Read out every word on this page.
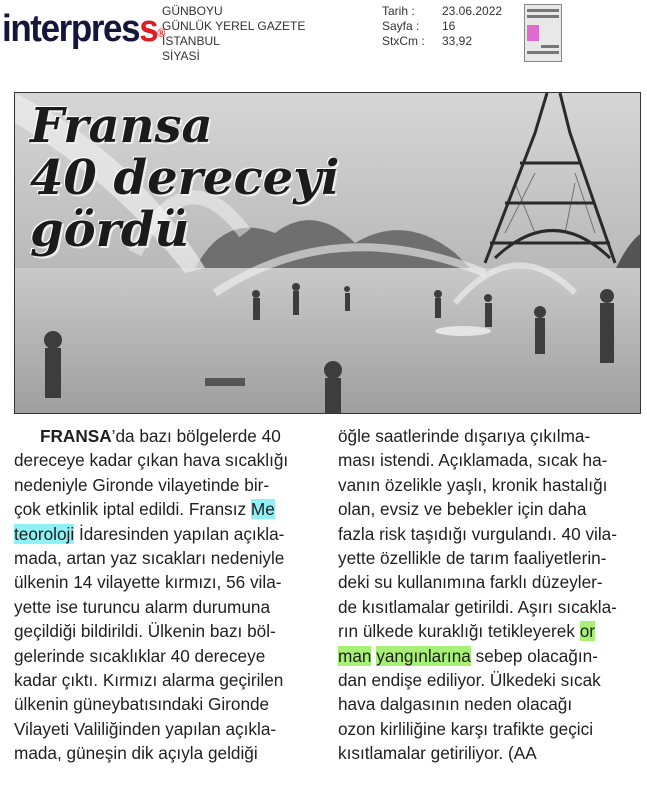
interpress®
GÜNBOYU
GÜNLÜK YEREL GAZETE
İSTANBUL
SİYASİ
Tarih :	23.06.2022
Sayfa :	16
StxCm :	33,92
Fransa
40 dereceyi
gördü
FRANSA’da bazı bölgelerde 40
dereceye kadar çıkan hava sıcaklığı
nedeniyle Gironde vilayetinde bir-
çok etkinlik iptal edildi. Fransız Me
teoroloji İdaresinden yapılan açıkla-
mada, artan yaz sıcakları nedeniyle
ülkenin 14 vilayette kırmızı, 56 vila-
yette ise turuncu alarm durumuna
geçildiği bildirildi. Ülkenin bazı böl-
gelerinde sıcaklıklar 40 dereceye
kadar çıktı. Kırmızı alarma geçirilen
ülkenin güneybatısındaki Gironde
Vilayeti Valiliğinden yapılan açıkla-
mada, güneşin dik açıyla geldiği
öğle saatlerinde dışarıya çıkılma-
ması istendi. Açıklamada, sıcak ha-
vanın özelikle yaşlı, kronik hastalığı
olan, evsiz ve bebekler için daha
fazla risk taşıdığı vurgulandı. 40 vila-
yette özellikle de tarım faaliyetlerin-
deki su kullanımına farklı düzeyler-
de kısıtlamalar getirildi. Aşırı sıcakla-
rın ülkede kuraklığı tetikleyerek or
man yangınlarına sebep olacağın-
dan endişe ediliyor. Ülkedeki sıcak
hava dalgasının neden olacağı
ozon kirliliğine karşı trafikte geçici
kısıtlamalar getiriliyor. (AA
